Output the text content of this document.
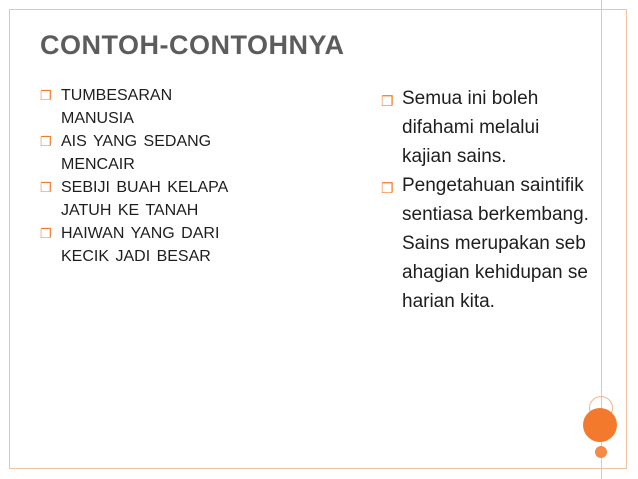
CONTOH-CONTOHNYA
❒ TUMBESARAN MANUSIA
❒ AIS YANG SEDANG MENCAIR
❒ SEBIJI BUAH KELAPA JATUH KE TANAH
❒ HAIWAN YANG DARI KECIK JADI BESAR
❒ Semua ini boleh difahami melalui kajian sains.
❒ Pengetahuan saintifik sentiasa berkembang.Sains merupakan sebahagian kehidupan seharian kita.
